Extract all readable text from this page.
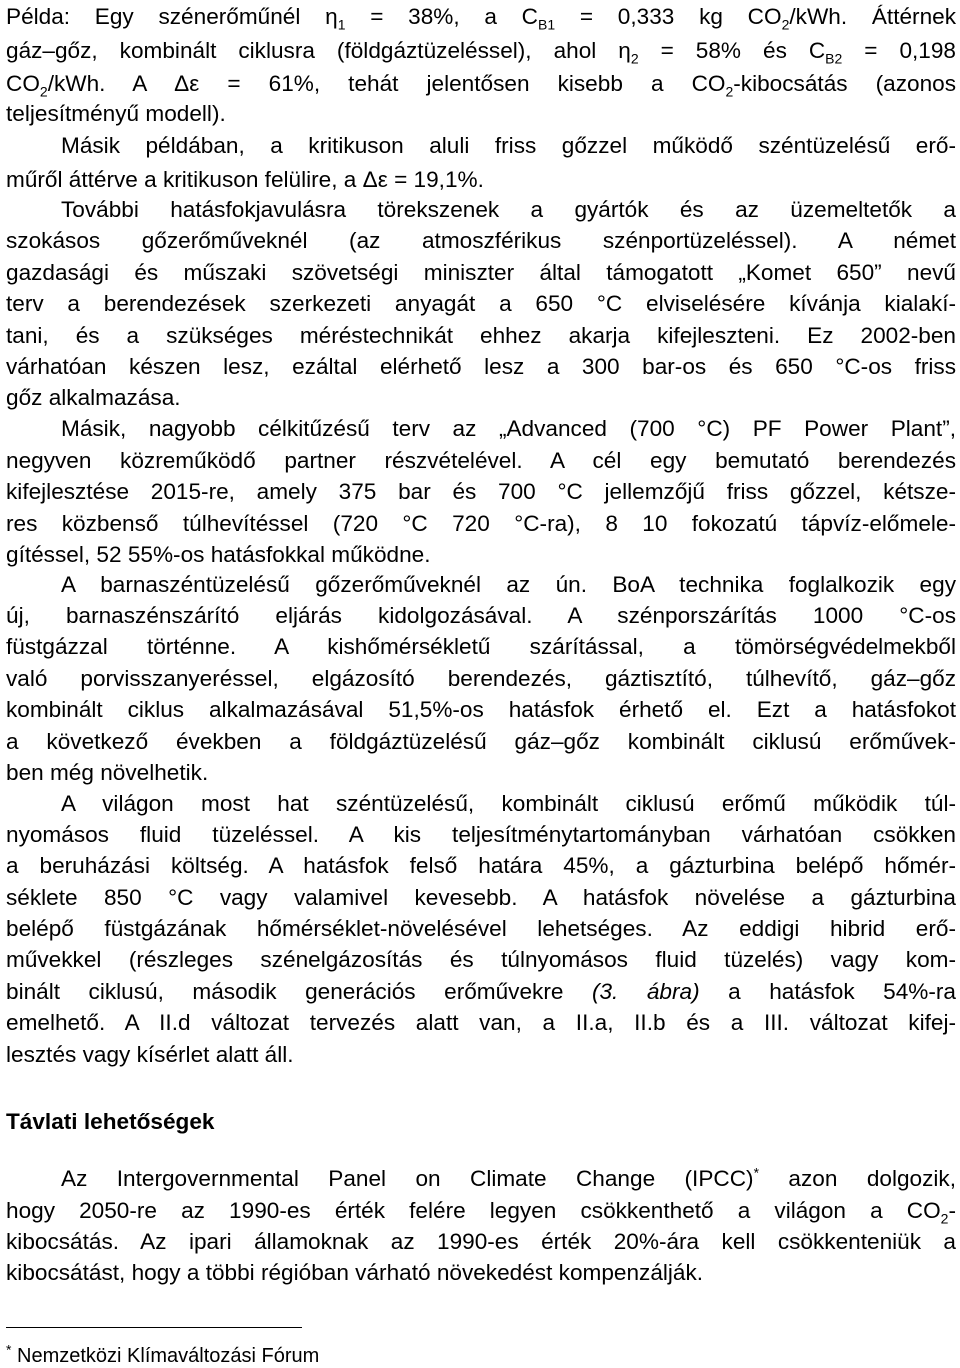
Példa: Egy szénerőműnél $\eta_1 = 38\%$, a $C_{B1} = 0,333$ kg $CO_2$/kWh. Áttérnek
gáz–gőz, kombinált ciklusra (földgáztüzeléssel), ahol $\eta_2 = 58\%$ és $C_{B2} = 0,198$
$CO_2$/kWh. A Δε = 61%, tehát jelentősen kisebb a $CO_2$-kibocsátás (azonos
teljesítményű modell).
Másik példában, a kritikuson aluli friss gőzzel működő széntüzelésű erő-
műről áttérve a kritikuson felülire, a Δε = 19,1%.
További hatásfokjavulásra törekszenek a gyártók és az üzemeltetők a
szokásos gőzerőműveknél (az atmoszférikus szénportüzeléssel). A német
gazdasági és műszaki szövetségi miniszter által támogatott „Komet 650” nevű
terv a berendezések szerkezeti anyagát a 650 °C elviselésére kívánja kialakí-
tani, és a szükséges méréstechnikát ehhez akarja kifejleszteni. Ez 2002-ben
várhatóan készen lesz, ezáltal elérhető lesz a 300 bar-os és 650 °C-os friss
gőz alkalmazása.
Másik, nagyobb célkitűzésű terv az „Advanced (700 °C) PF Power Plant”,
negyven közreműködő partner részvételével. A cél egy bemutató berendezés
kifejlesztése 2015-re, amely 375 bar és 700 °C jellemzőjű friss gőzzel, kétsze-
res közbenső túlhevítéssel (720 °C 720 °C-ra), 8 10 fokozatú tápvíz-előmele-
gítéssel, 52 55%-os hatásfokkal működne.
A barnaszéntüzelésű gőzerőműveknél az ún. BoA technika foglalkozik egy
új, barnaszénszárító eljárás kidolgozásával. A szénporszárítás 1000 °C-os
füstgázzal történne. A kishőmérsékletű szárítással, a tömörségvédelmekből
való porvisszanyeréssel, elgázosító berendezés, gáztisztító, túlhevítő, gáz–gőz
kombinált ciklus alkalmazásával 51,5%-os hatásfok érhető el. Ezt a hatásfokot
a következő években a földgáztüzelésű gáz–gőz kombinált ciklusú erőművek-
ben még növelhetik.
A világon most hat széntüzelésű, kombinált ciklusú erőmű működik túl-
nyomásos fluid tüzeléssel. A kis teljesítménytartományban várhatóan csökken
a beruházási költség. A hatásfok felső határa 45%, a gázturbina belépő hőmér-
séklete 850 °C vagy valamivel kevesebb. A hatásfok növelése a gázturbina
belépő füstgázának hőmérséklet-növelésével lehetséges. Az eddigi hibrid erő-
művekkel (részleges szénelgázosítás és túlnyomásos fluid tüzelés) vagy kom-
binált ciklusú, második generációs erőművekre (3. ábra) a hatásfok 54%-ra
emelhető. A II.d változat tervezés alatt van, a II.a, II.b és a III. változat kifej-
lesztés vagy kísérlet alatt áll.
Távlati lehetőségek
Az Intergovernmental Panel on Climate Change (IPCC)* azon dolgozik,
hogy 2050-re az 1990-es érték felére legyen csökkenthető a világon a $CO_2-$
kibocsátás. Az ipari államoknak az 1990-es érték 20%-ára kell csökkenteniük a
kibocsátást, hogy a többi régióban várható növekedést kompenzálják.
* Nemzetközi Klímaváltozási Fórum
